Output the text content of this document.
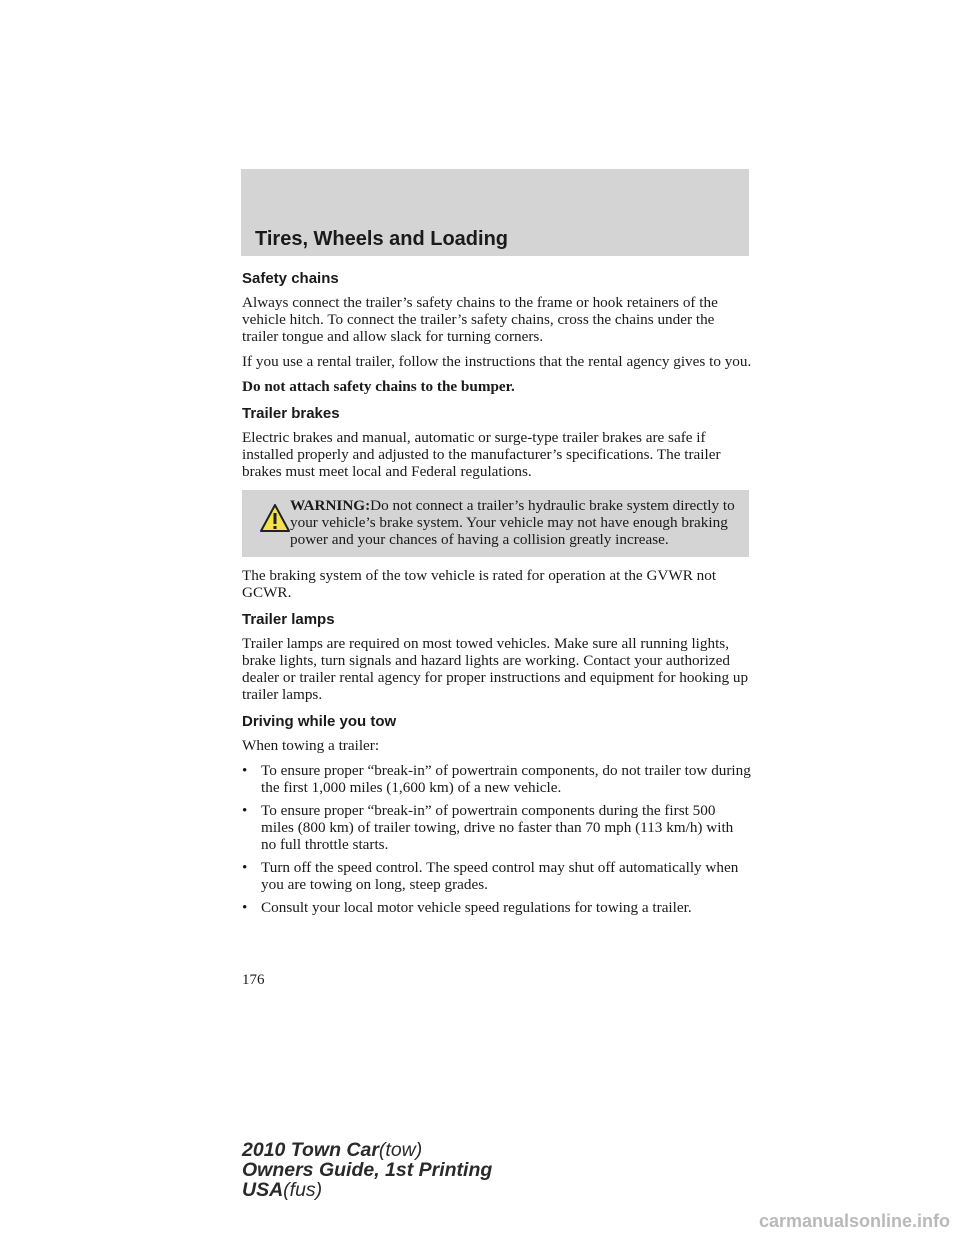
Tires, Wheels and Loading
Safety chains

Always connect the trailer’s safety chains to the frame or hook retainers of the vehicle hitch. To connect the trailer’s safety chains, cross the chains under the trailer tongue and allow slack for turning corners.

If you use a rental trailer, follow the instructions that the rental agency gives to you.

Do not attach safety chains to the bumper.

Trailer brakes

Electric brakes and manual, automatic or surge-type trailer brakes are safe if installed properly and adjusted to the manufacturer’s specifications. The trailer brakes must meet local and Federal regulations.

WARNING:Do not connect a trailer’s hydraulic brake system directly to your vehicle’s brake system. Your vehicle may not have enough braking power and your chances of having a collision greatly increase.

The braking system of the tow vehicle is rated for operation at the GVWR not GCWR.

Trailer lamps

Trailer lamps are required on most towed vehicles. Make sure all running lights, brake lights, turn signals and hazard lights are working. Contact your authorized dealer or trailer rental agency for proper instructions and equipment for hooking up trailer lamps.

Driving while you tow

When towing a trailer:

• To ensure proper “break-in” of powertrain components, do not trailer tow during the first 1,000 miles (1,600 km) of a new vehicle.
• To ensure proper “break-in” of powertrain components during the first 500 miles (800 km) of trailer towing, drive no faster than 70 mph (113 km/h) with no full throttle starts.
• Turn off the speed control. The speed control may shut off automatically when you are towing on long, steep grades.
• Consult your local motor vehicle speed regulations for towing a trailer.
176
2010 Town Car(tow)
Owners Guide, 1st Printing
USA(fus)
carmanualsonline.info
